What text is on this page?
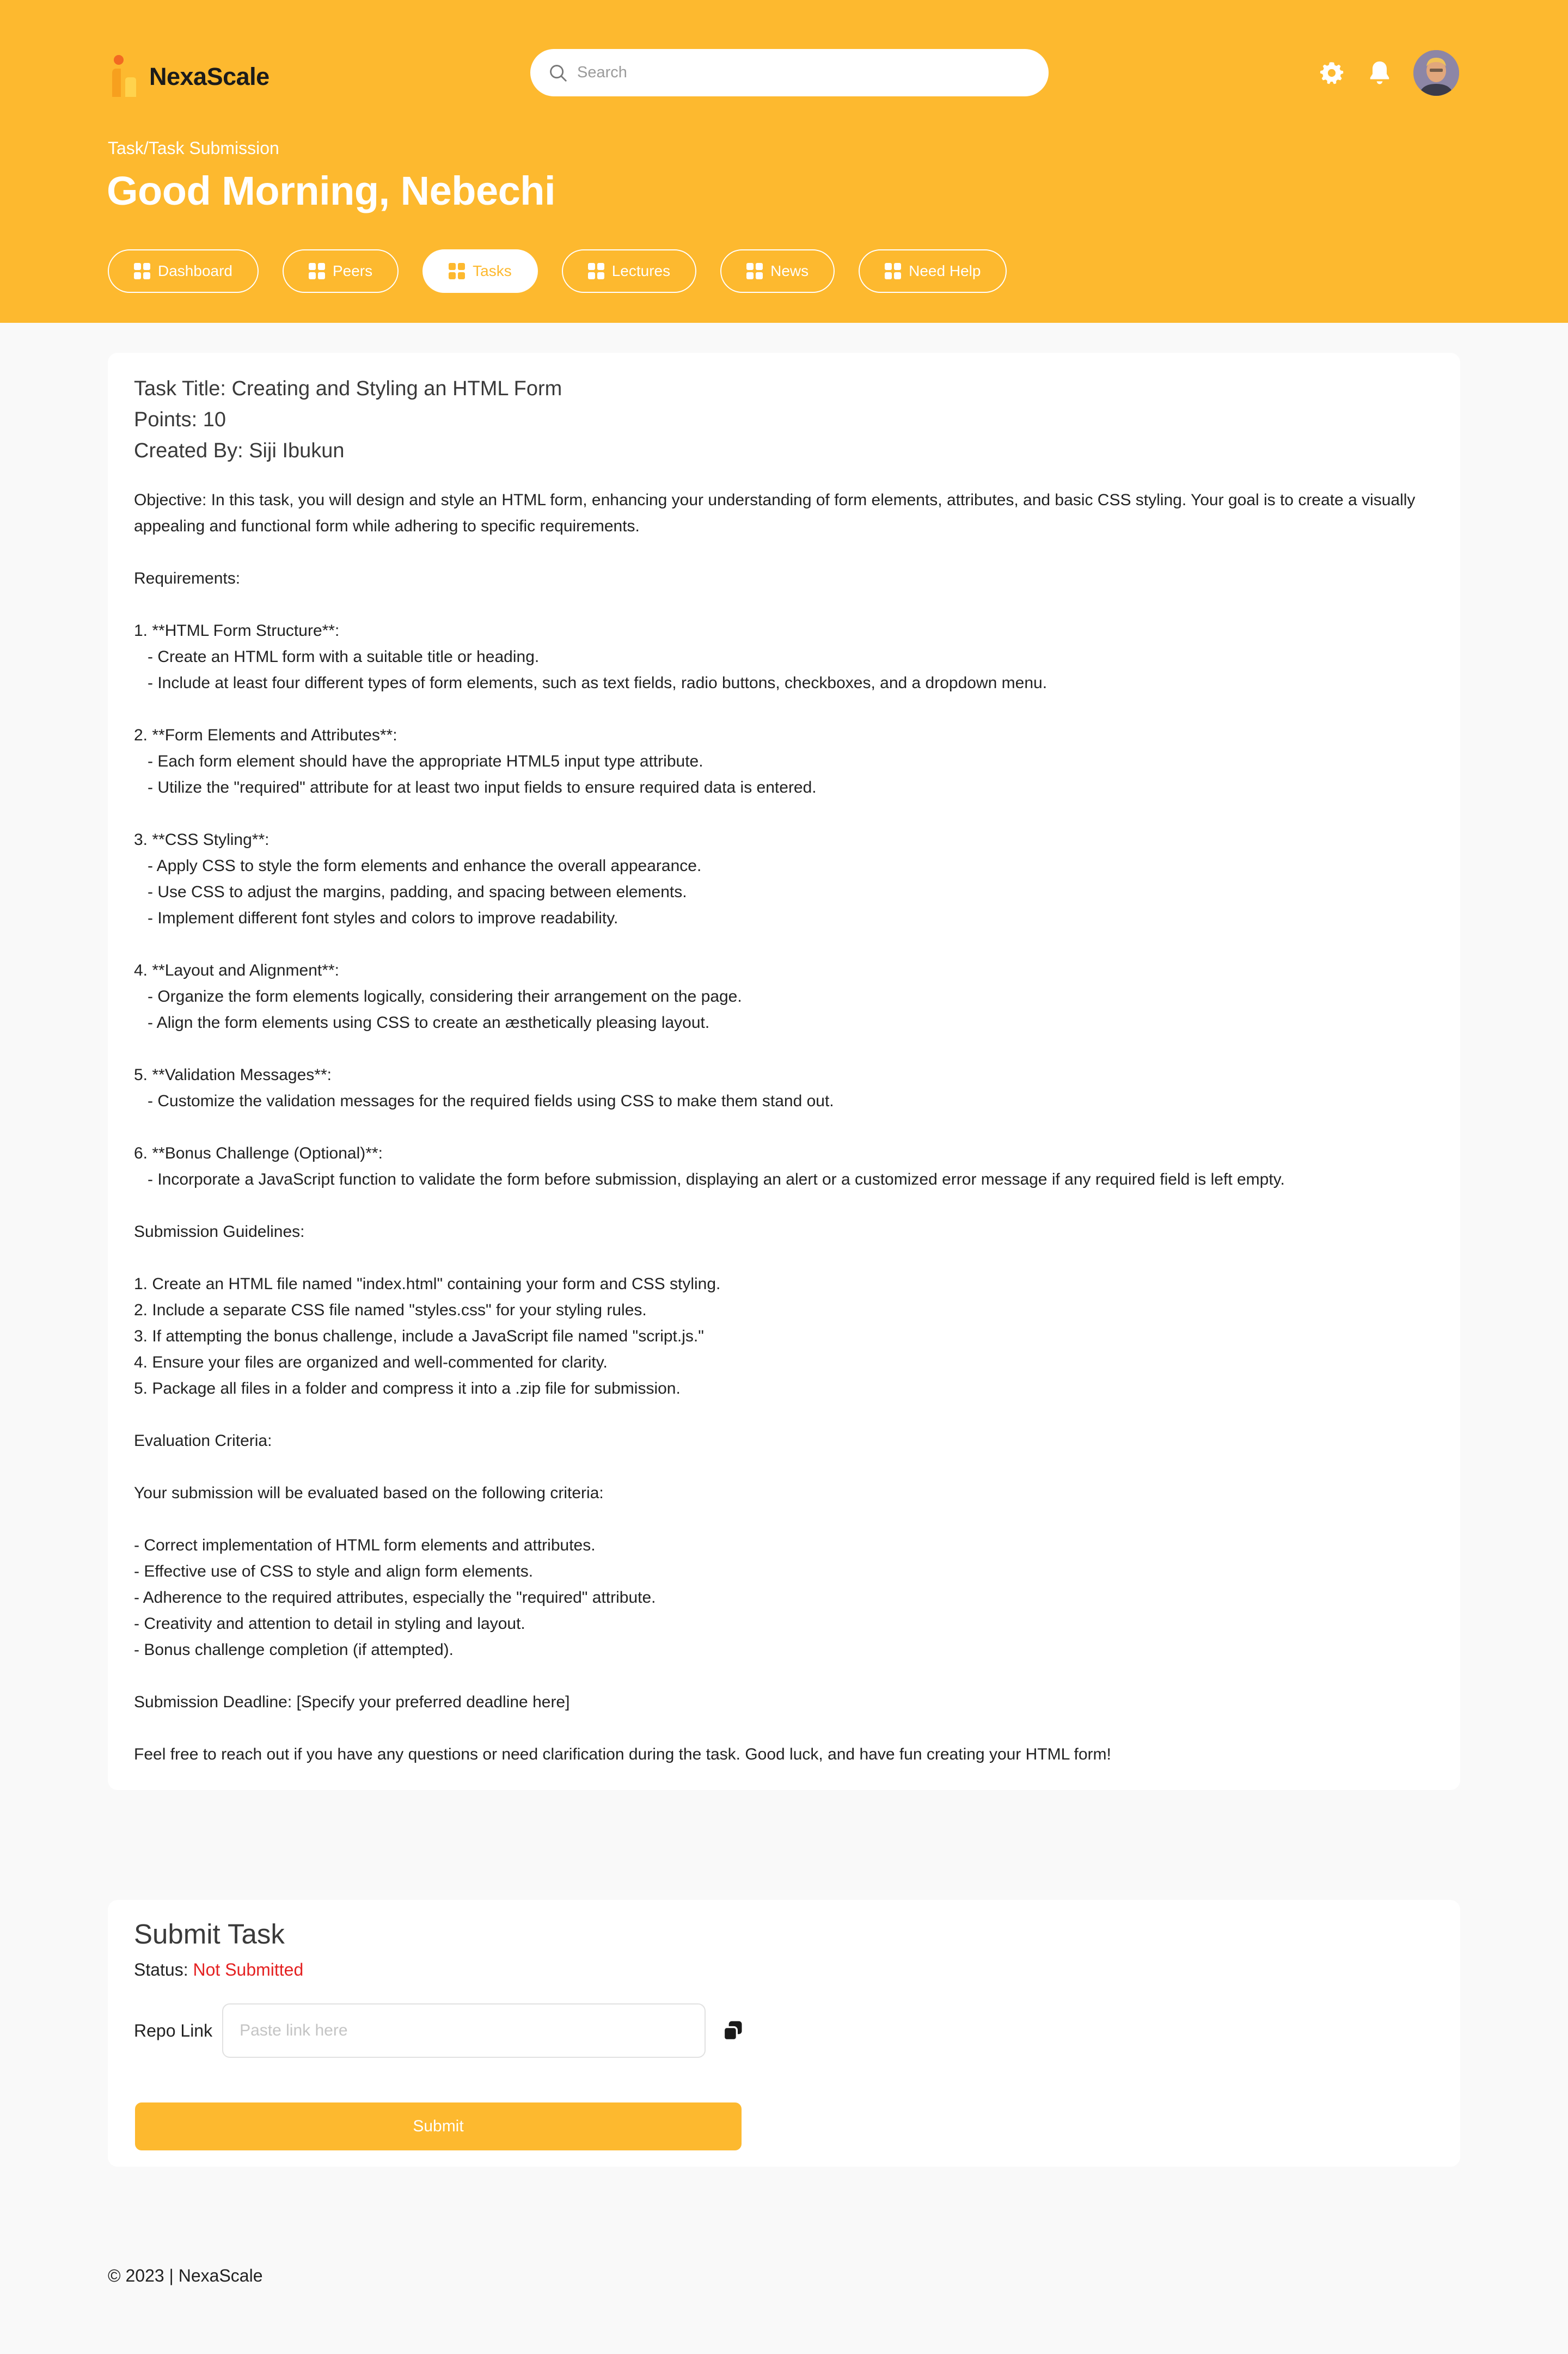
NexaScale
Search
Task/Task Submission
Good Morning, Nebechi
Dashboard	Peers	Tasks	Lectures	News	Need Help
Task Title: Creating and Styling an HTML Form
Points: 10
Created By: Siji Ibukun
Objective: In this task, you will design and style an HTML form, enhancing your understanding of form elements, attributes, and basic CSS styling. Your goal is to create a visually appealing and functional form while adhering to specific requirements.

Requirements:

1. **HTML Form Structure**:
- Create an HTML form with a suitable title or heading.
- Include at least four different types of form elements, such as text fields, radio buttons, checkboxes, and a dropdown menu.

2. **Form Elements and Attributes**:
- Each form element should have the appropriate HTML5 input type attribute.
- Utilize the "required" attribute for at least two input fields to ensure required data is entered.

3. **CSS Styling**:
- Apply CSS to style the form elements and enhance the overall appearance.
- Use CSS to adjust the margins, padding, and spacing between elements.
- Implement different font styles and colors to improve readability.

4. **Layout and Alignment**:
- Organize the form elements logically, considering their arrangement on the page.
- Align the form elements using CSS to create an æsthetically pleasing layout.

5. **Validation Messages**:
- Customize the validation messages for the required fields using CSS to make them stand out.

6. **Bonus Challenge (Optional)**:
- Incorporate a JavaScript function to validate the form before submission, displaying an alert or a customized error message if any required field is left empty.

Submission Guidelines:

1. Create an HTML file named "index.html" containing your form and CSS styling.
2. Include a separate CSS file named "styles.css" for your styling rules.
3. If attempting the bonus challenge, include a JavaScript file named "script.js."
4. Ensure your files are organized and well-commented for clarity.
5. Package all files in a folder and compress it into a .zip file for submission.

Evaluation Criteria:

Your submission will be evaluated based on the following criteria:

- Correct implementation of HTML form elements and attributes.
- Effective use of CSS to style and align form elements.
- Adherence to the required attributes, especially the "required" attribute.
- Creativity and attention to detail in styling and layout.
- Bonus challenge completion (if attempted).

Submission Deadline: [Specify your preferred deadline here]

Feel free to reach out if you have any questions or need clarification during the task. Good luck, and have fun creating your HTML form!
Submit Task
Status: Not Submitted
Repo Link
Paste link here
Submit
© 2023 | NexaScale
